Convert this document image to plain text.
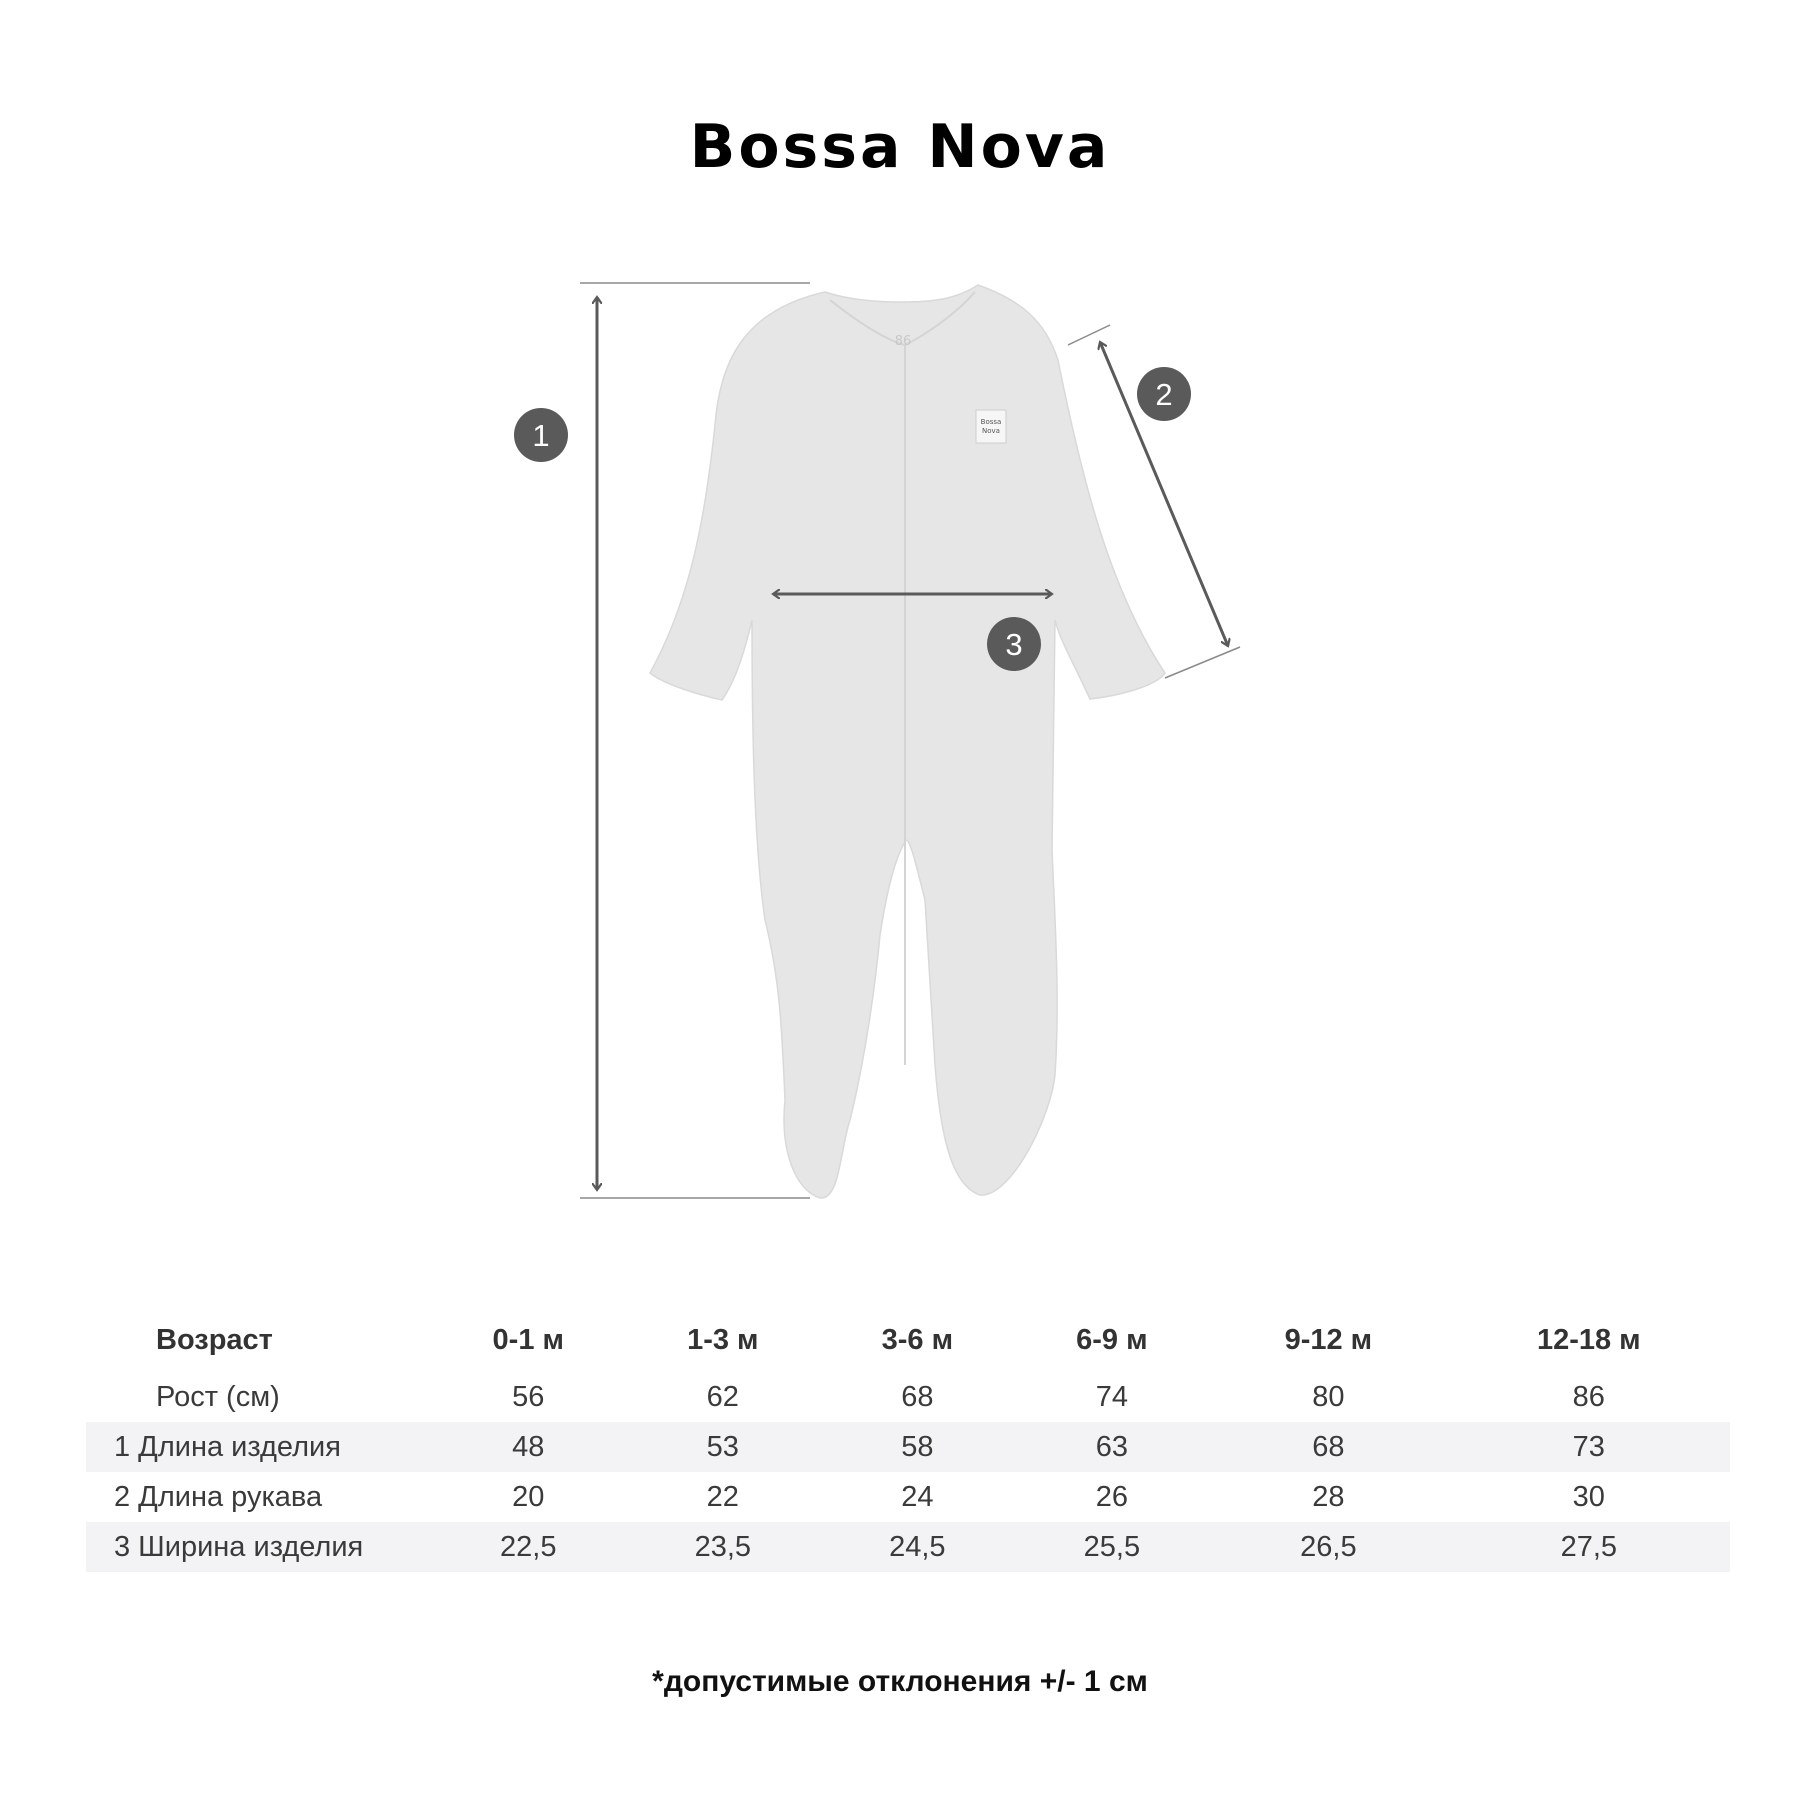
Bossa Nova
Bossa
Nova
86
1
2
3
Возраст	0-1 м	1-3 м	3-6 м	6-9 м	9-12 м	12-18 м
Рост (см)	56	62	68	74	80	86
1 Длина изделия	48	53	58	63	68	73
2 Длина рукава	20	22	24	26	28	30
3 Ширина изделия	22,5	23,5	24,5	25,5	26,5	27,5
*допустимые отклонения +/- 1 см
